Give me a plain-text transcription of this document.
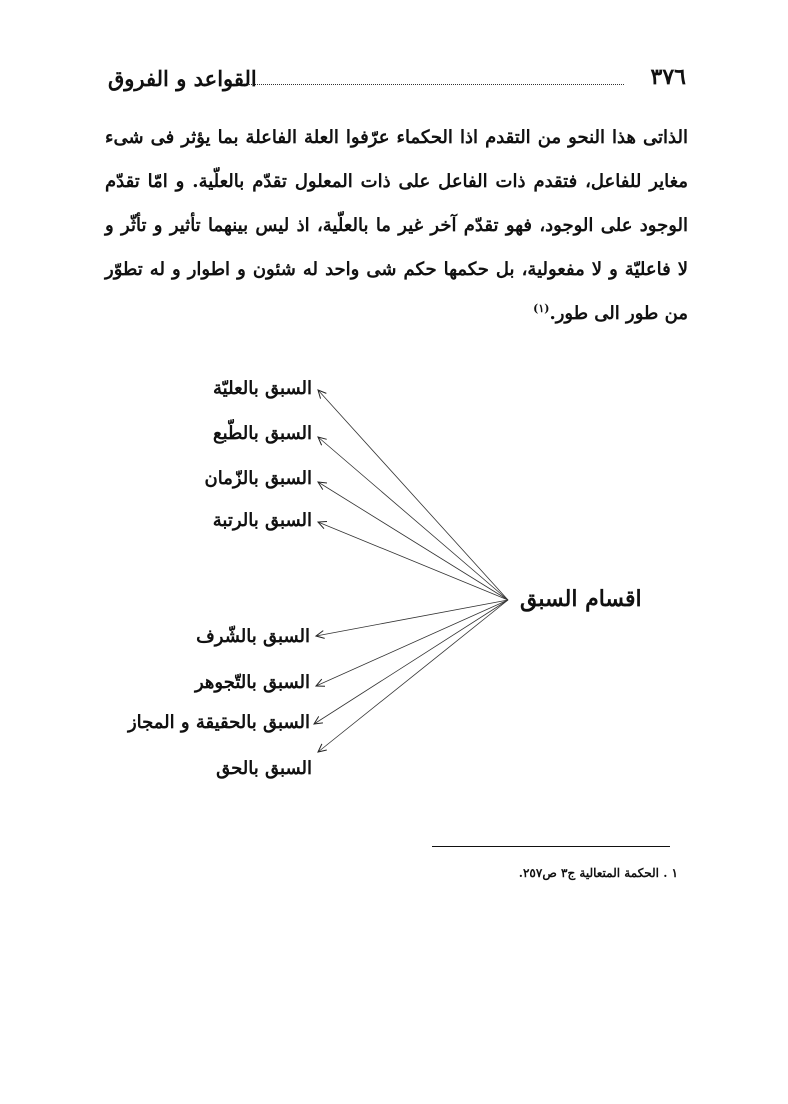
٣٧٦
القواعد و الفروق
الذاتی هذا النحو من التقدم اذا الحکماء عرّفوا العلة الفاعلة بما یؤثر فی شیء مغایر للفاعل، فتقدم ذات الفاعل علی ذات المعلول تقدّم بالعلّیة. و امّا تقدّم الوجود علی الوجود، فهو تقدّم آخر غیر ما بالعلّیة، اذ لیس بینهما تأثیر و تأثّر و لا فاعلیّة و لا مفعولیة، بل حکمها حکم شی واحد له شئون و اطوار و له تطوّر من طور الی طور.$^{(١)}$
اقسام السبق
السبق بالعلیّة
السبق بالطّبع
السبق بالزّمان
السبق بالرتبة
السبق بالشّرف
السبق بالتّجوهر
السبق بالحقیقة و المجاز
السبق بالحق
١ . الحکمة المتعالیة ج٣ ص٢٥٧.
